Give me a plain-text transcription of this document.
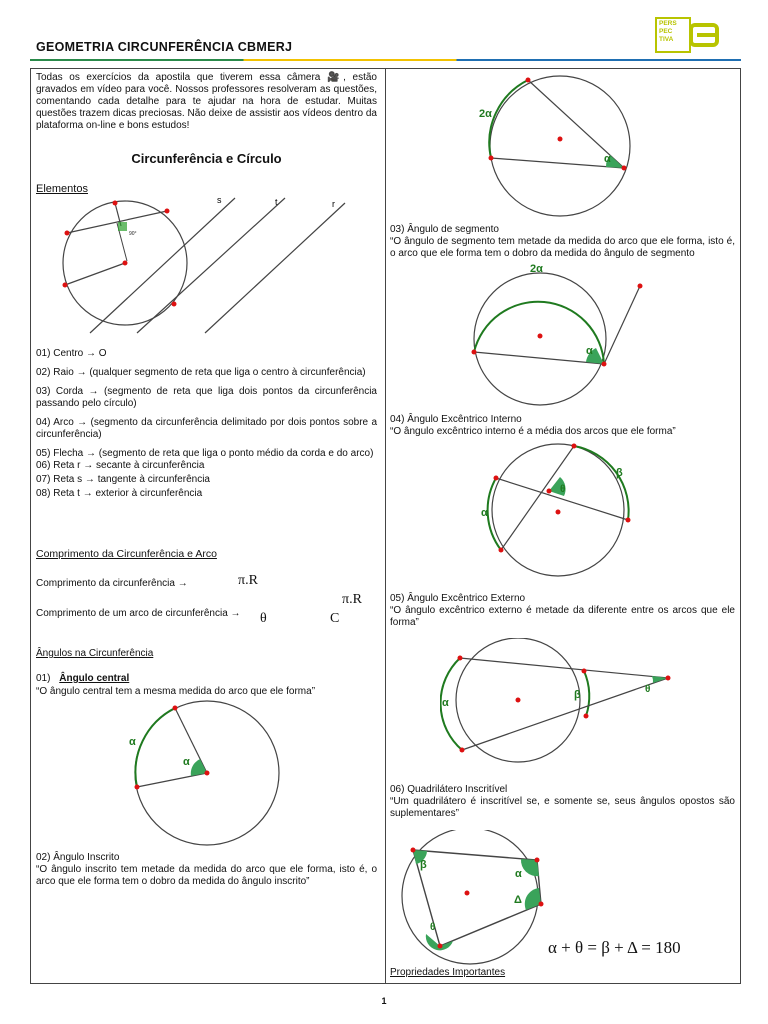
GEOMETRIA CIRCUNFERÊNCIA CBMERJ
PERS
PEC
TIVA
Todas os exercícios da apostila que tiverem essa câmera 🎥, estão gravados em vídeo para você. Nossos professores resolveram as questões, comentando cada detalhe para te ajudar na hora de estudar. Muitas questões trazem dicas preciosas. Não deixe de assistir aos vídeos dentro da plataforma on-line e bons estudos!
Circunferência e Círculo
Elementos
90°
s	t	r
01) Centro → O
02) Raio → (qualquer segmento de reta que liga o centro à circunferência)
03) Corda → (segmento de reta que liga dois pontos da circunferência passando pelo círculo)
04) Arco → (segmento da circunferência delimitado por dois pontos sobre a circunferência)
05) Flecha → (segmento de reta que liga o ponto médio da corda e do arco)
06) Reta r → secante à circunferência
07) Reta s → tangente à circunferência
08) Reta t → exterior à circunferência
Comprimento da Circunferência e Arco
Comprimento da circunferência →	π.R
π.R
Comprimento de um arco de circunferência → θ	C
Ângulos na Circunferência
01) Ângulo central
“O ângulo central tem a mesma medida do arco que ele forma”
α
α
02) Ângulo Inscrito
“O ângulo inscrito tem metade da medida do arco que ele forma, isto é, o arco que ele forma tem o dobro da medida do ângulo inscrito”
2α
α
03) Ângulo de segmento
“O ângulo de segmento tem metade da medida do arco que ele forma, isto é, o arco que ele forma tem o dobro da medida do ângulo de segmento
2α
α
04) Ângulo Excêntrico Interno
“O ângulo excêntrico interno é a média dos arcos que ele forma”
θ
β
α
05) Ângulo Excêntrico Externo
“O ângulo excêntrico externo é metade da diferente entre os arcos que ele forma”
α
β	θ
06) Quadrilátero Inscritível
“Um quadrilátero é inscritível se, e somente se, seus ângulos opostos são suplementares”
β
α
Δ
θ
α + θ = β + Δ = 180
Propriedades Importantes
1
